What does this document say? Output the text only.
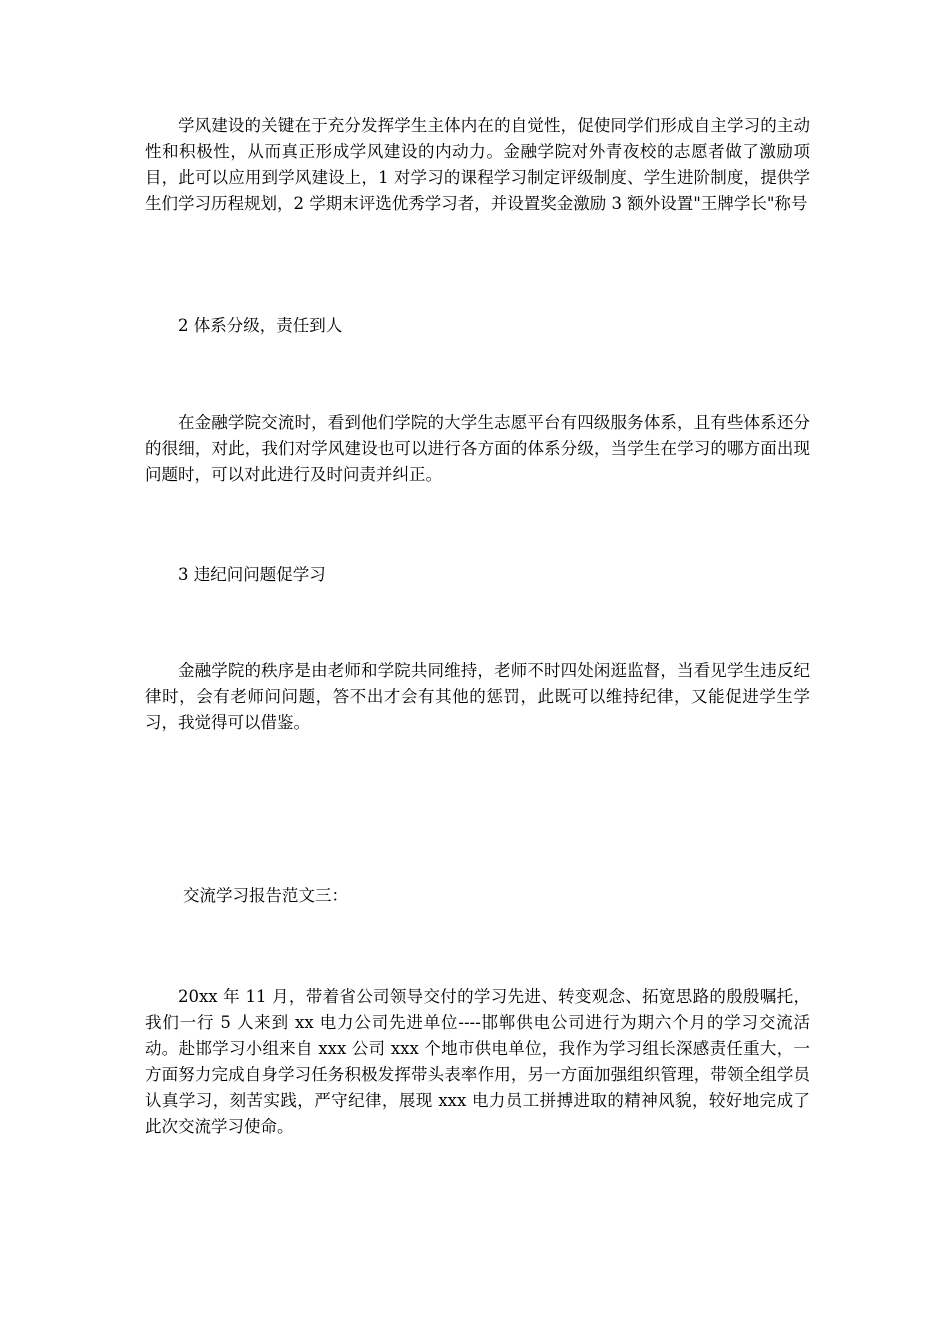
学风建设的关键在于充分发挥学生主体内在的自觉性，促使同学们形成自主学习的主动性和积极性，从而真正形成学风建设的内动力。金融学院对外青夜校的志愿者做了激励项目，此可以应用到学风建设上，1 对学习的课程学习制定评级制度、学生进阶制度，提供学生们学习历程规划，2 学期末评选优秀学习者，并设置奖金激励 3 额外设置"王牌学长"称号

2 体系分级，责任到人

在金融学院交流时，看到他们学院的大学生志愿平台有四级服务体系，且有些体系还分的很细，对此，我们对学风建设也可以进行各方面的体系分级，当学生在学习的哪方面出现问题时，可以对此进行及时问责并纠正。

3 违纪问问题促学习

金融学院的秩序是由老师和学院共同维持，老师不时四处闲逛监督，当看见学生违反纪律时，会有老师问问题，答不出才会有其他的惩罚，此既可以维持纪律，又能促进学生学习，我觉得可以借鉴。

交流学习报告范文三：

20xx 年 11 月，带着省公司领导交付的学习先进、转变观念、拓宽思路的殷殷嘱托，我们一行 5 人来到 xx 电力公司先进单位----邯郸供电公司进行为期六个月的学习交流活动。赴邯学习小组来自 xxx 公司 xxx 个地市供电单位，我作为学习组长深感责任重大，一方面努力完成自身学习任务积极发挥带头表率作用，另一方面加强组织管理，带领全组学员认真学习，刻苦实践，严守纪律，展现 xxx 电力员工拼搏进取的精神风貌，较好地完成了此次交流学习使命。
